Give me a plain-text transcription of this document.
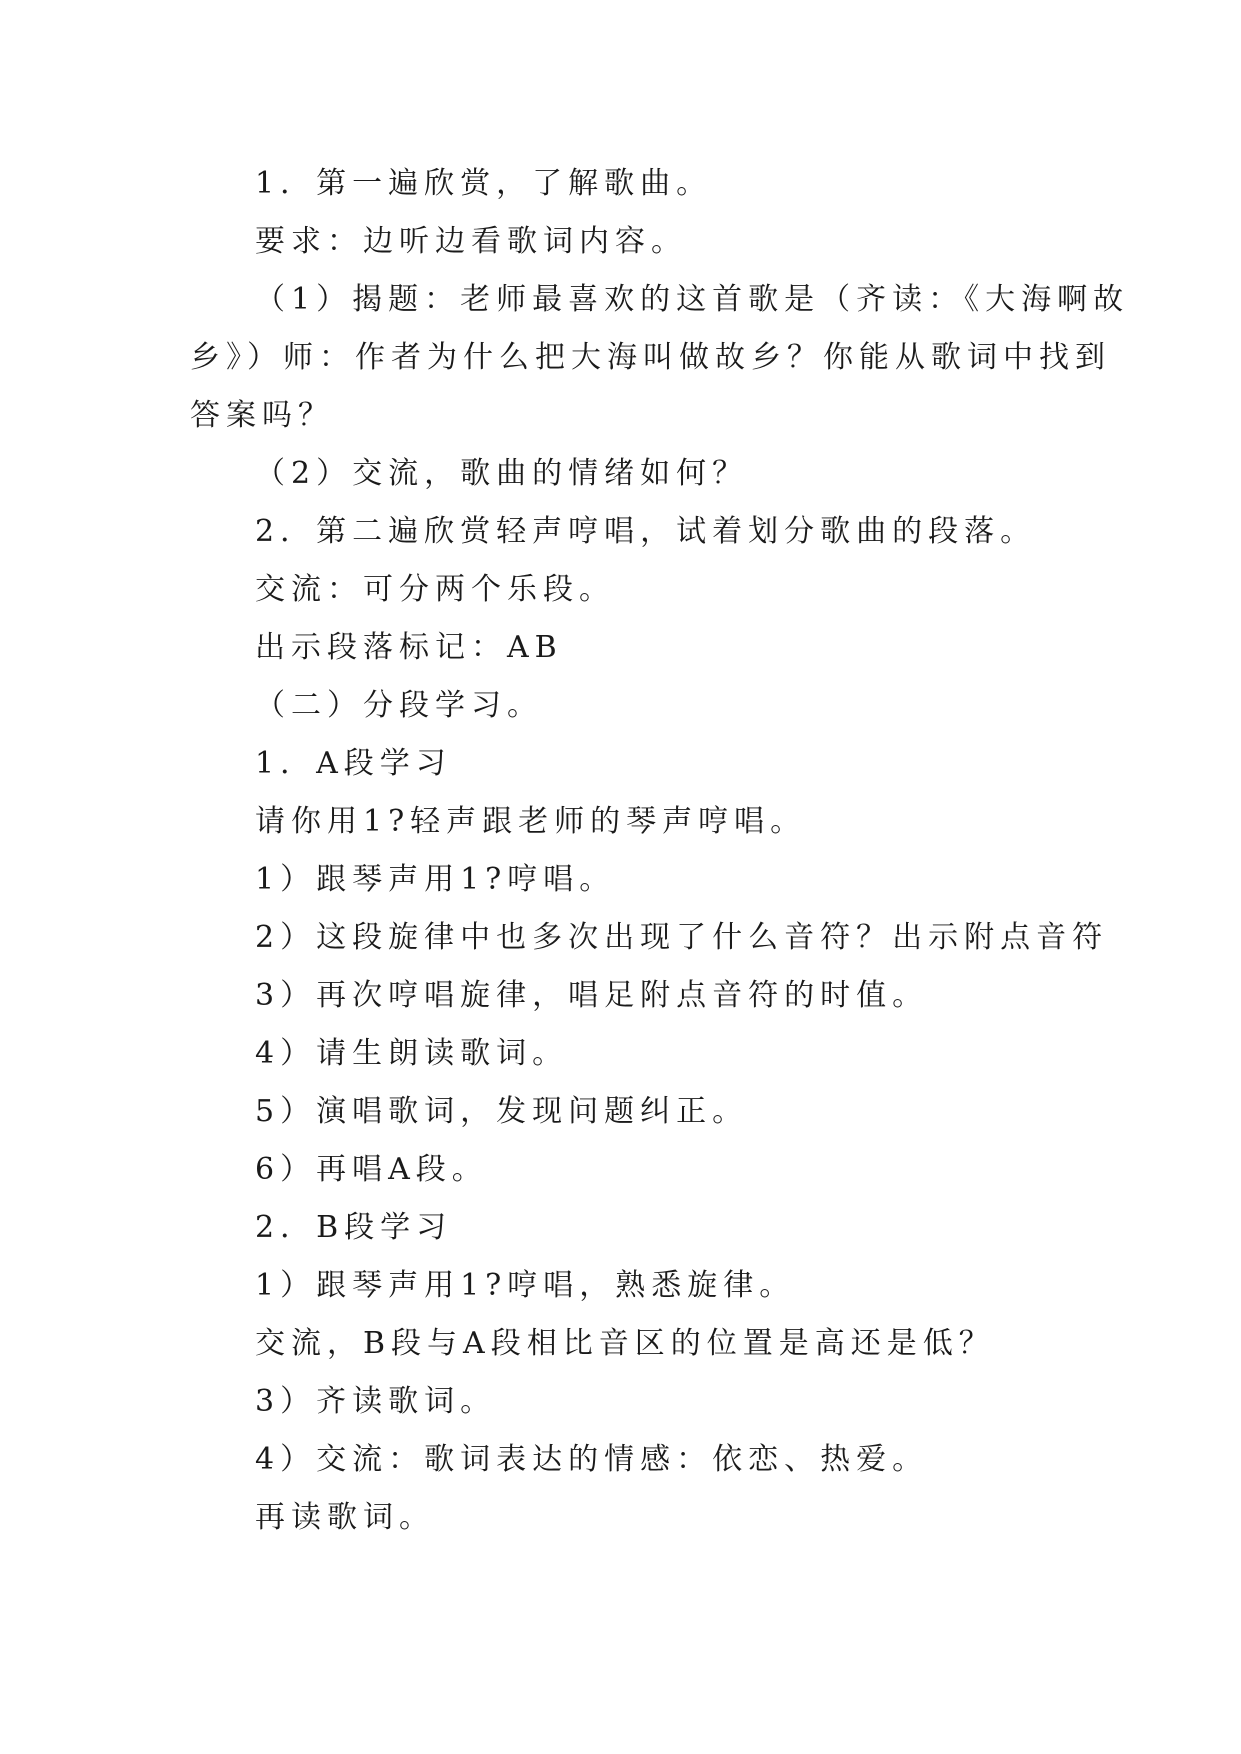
1．第一遍欣赏，了解歌曲。

要求：边听边看歌词内容。

（1）揭题：老师最喜欢的这首歌是（齐读：《大海啊故

乡》）师：作者为什么把大海叫做故乡？你能从歌词中找到

答案吗？

（2）交流，歌曲的情绪如何？

2．第二遍欣赏轻声哼唱，试着划分歌曲的段落。

交流：可分两个乐段。

出示段落标记：AB

（二）分段学习。

1．A段学习

请你用1?轻声跟老师的琴声哼唱。

1）跟琴声用1?哼唱。

2）这段旋律中也多次出现了什么音符？出示附点音符

3）再次哼唱旋律，唱足附点音符的时值。

4）请生朗读歌词。

5）演唱歌词，发现问题纠正。

6）再唱A段。

2．B段学习

1）跟琴声用1?哼唱，熟悉旋律。

交流，B段与A段相比音区的位置是高还是低？

3）齐读歌词。

4）交流：歌词表达的情感：依恋、热爱。

再读歌词。
